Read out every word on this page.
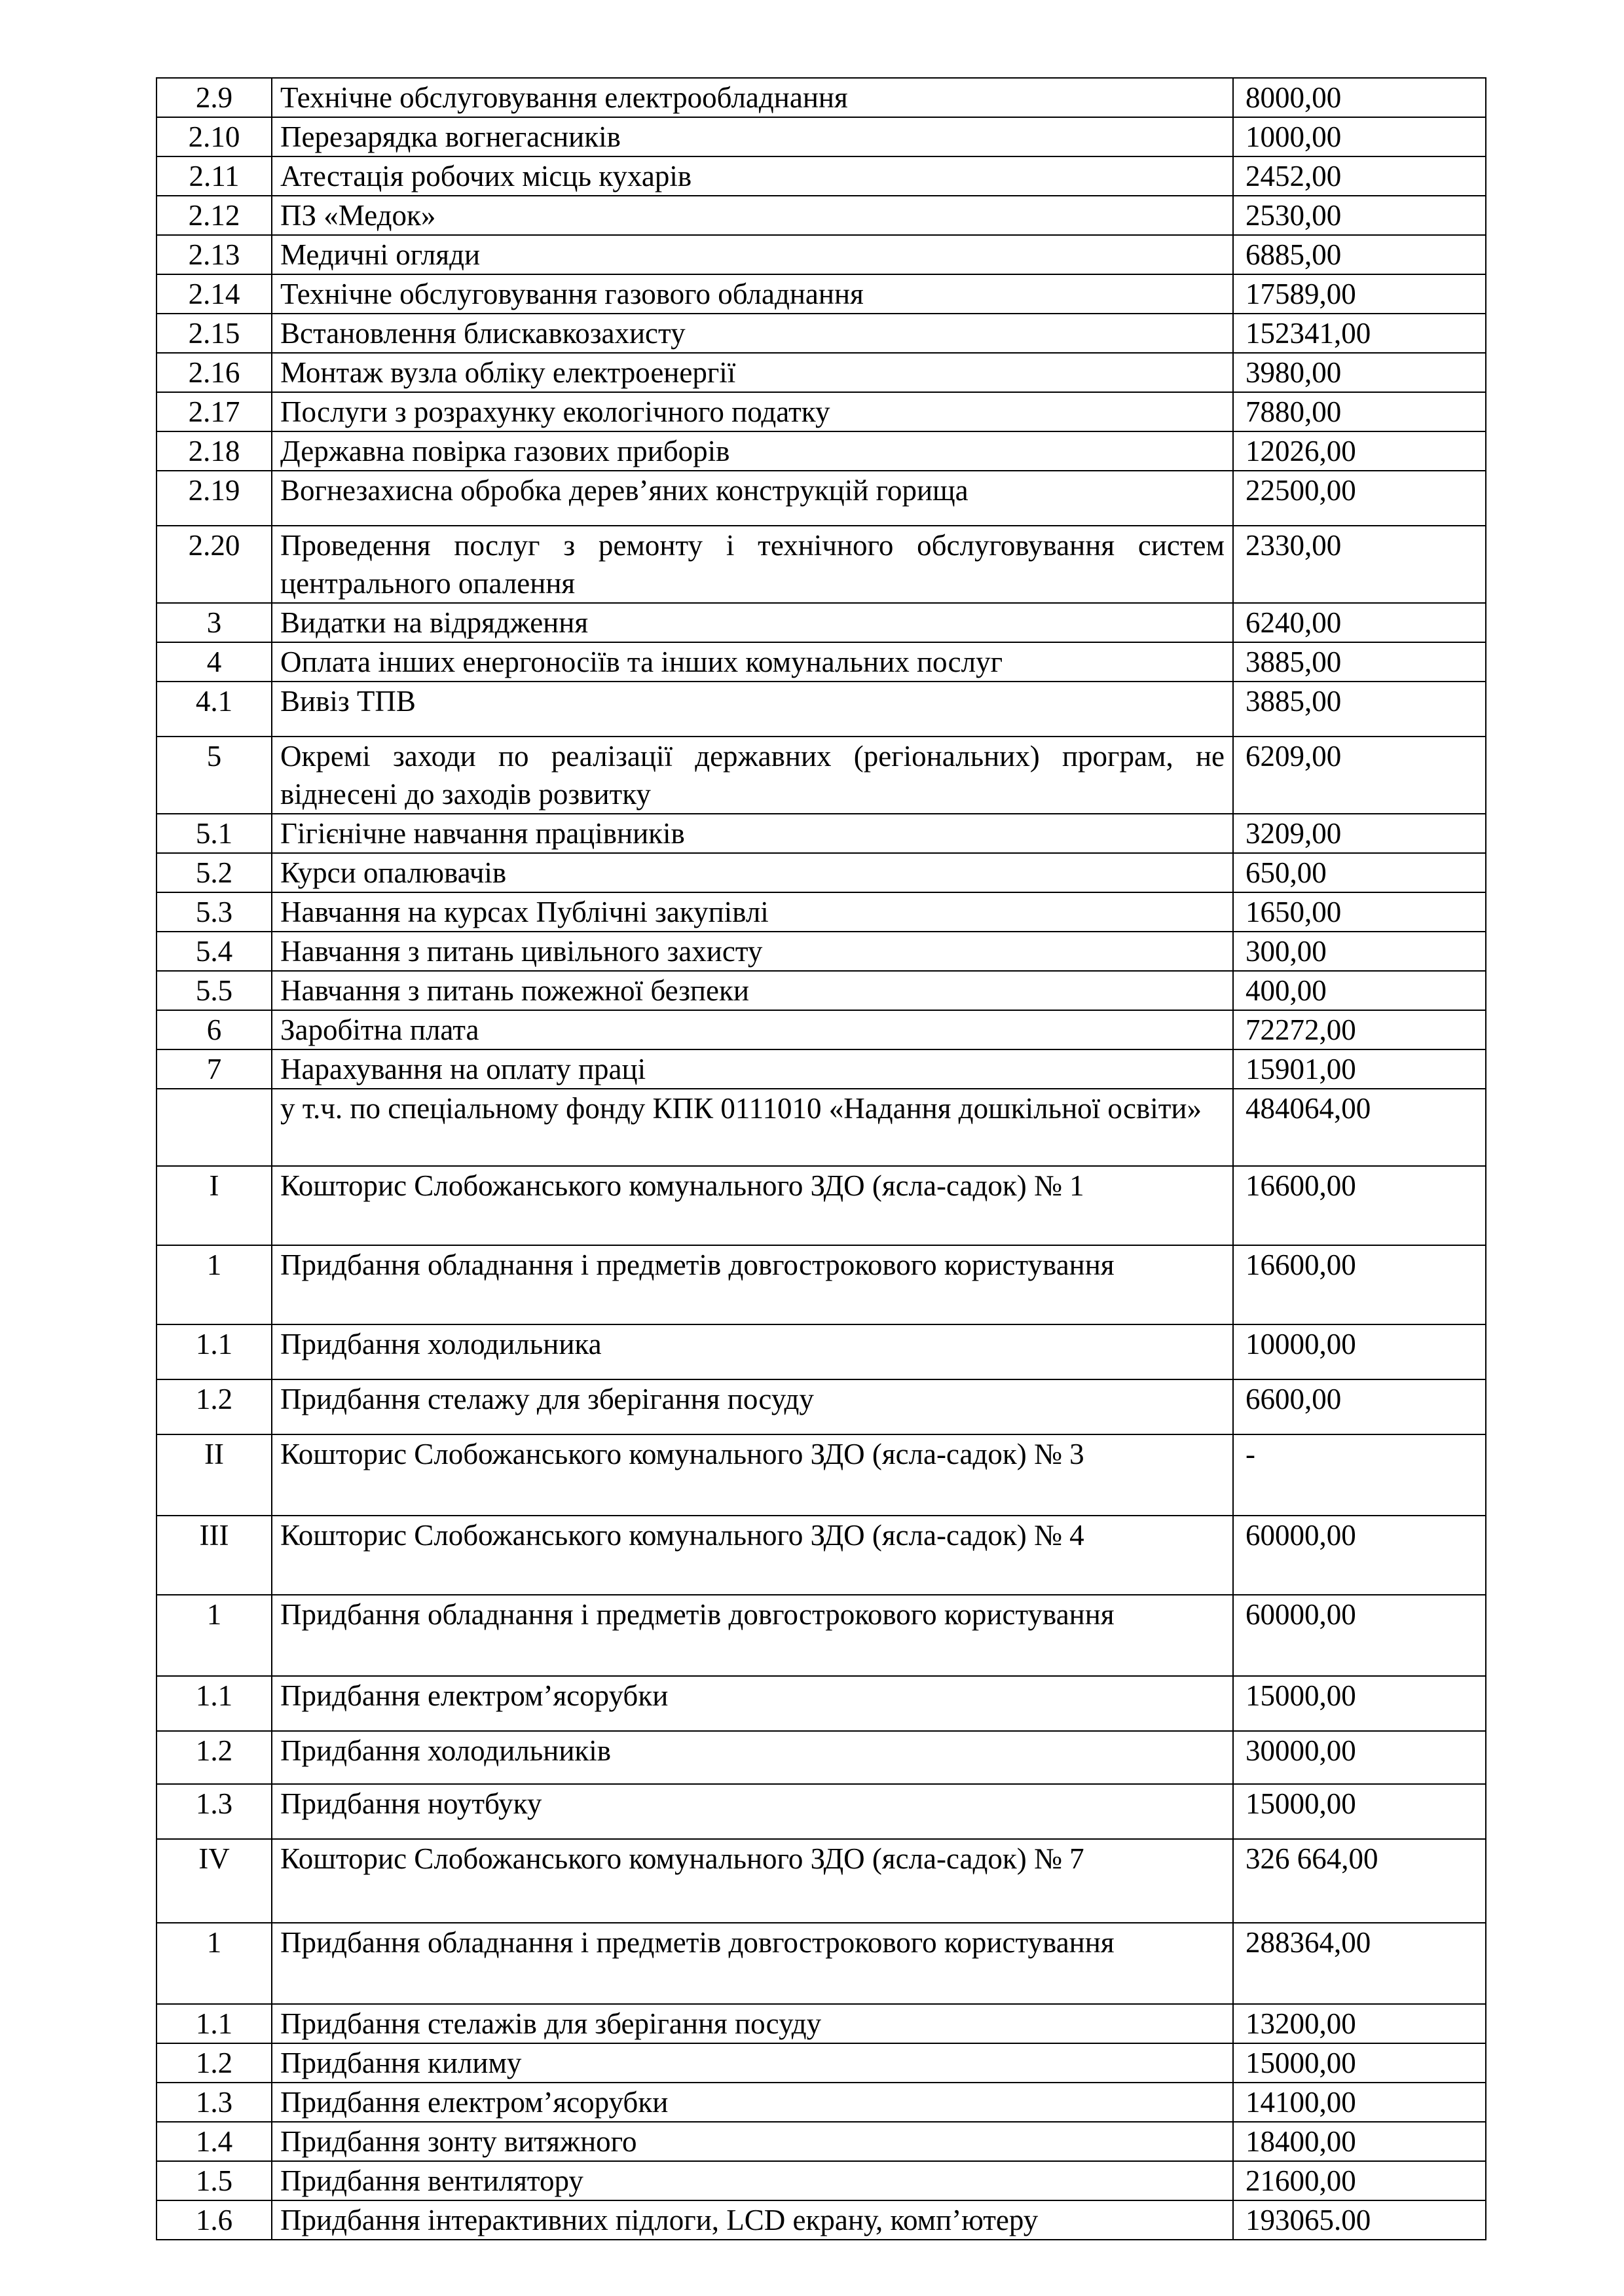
2.9	Технічне обслуговування електрообладнання	8000,00
2.10	Перезарядка вогнегасників	1000,00
2.11	Атестація робочих місць кухарів	2452,00
2.12	ПЗ «Медок»	2530,00
2.13	Медичні огляди	6885,00
2.14	Технічне обслуговування газового обладнання	17589,00
2.15	Встановлення блискавкозахисту	152341,00
2.16	Монтаж вузла обліку електроенергії	3980,00
2.17	Послуги з розрахунку екологічного податку	7880,00
2.18	Державна повірка газових приборів	12026,00
2.19	Вогнезахисна обробка дерев’яних конструкцій горища	22500,00
2.20	Проведення послуг з ремонту і технічного обслуговування систем центрального опалення	2330,00
3	Видатки на відрядження	6240,00
4	Оплата інших енергоносіїв та інших комунальних послуг	3885,00
4.1	Вивіз ТПВ	3885,00
5	Окремі заходи по реалізації державних (регіональних) програм, не віднесені до заходів розвитку	6209,00
5.1	Гігієнічне навчання працівників	3209,00
5.2	Курси опалювачів	650,00
5.3	Навчання на курсах Публічні закупівлі	1650,00
5.4	Навчання з питань цивільного захисту	300,00
5.5	Навчання з питань пожежної безпеки	400,00
6	Заробітна плата	72272,00
7	Нарахування на оплату праці	15901,00
	у т.ч. по спеціальному фонду КПК 0111010 «Надання дошкільної освіти»	484064,00
I	Кошторис Слобожанського комунального ЗДО (ясла-садок) № 1	16600,00
1	Придбання обладнання і предметів довгострокового користування	16600,00
1.1	Придбання холодильника	10000,00
1.2	Придбання стелажу для зберігання посуду	6600,00
II	Кошторис Слобожанського комунального ЗДО (ясла-садок) № 3	-
III	Кошторис Слобожанського комунального ЗДО (ясла-садок) № 4	60000,00
1	Придбання обладнання і предметів довгострокового користування	60000,00
1.1	Придбання електром’ясорубки	15000,00
1.2	Придбання холодильників	30000,00
1.3	Придбання ноутбуку	15000,00
IV	Кошторис Слобожанського комунального ЗДО (ясла-садок) № 7	326 664,00
1	Придбання обладнання і предметів довгострокового користування	288364,00
1.1	Придбання стелажів для зберігання посуду	13200,00
1.2	Придбання килиму	15000,00
1.3	Придбання електром’ясорубки	14100,00
1.4	Придбання зонту витяжного	18400,00
1.5	Придбання вентилятору	21600,00
1.6	Придбання інтерактивних підлоги, LCD екрану, комп’ютеру	193065.00
